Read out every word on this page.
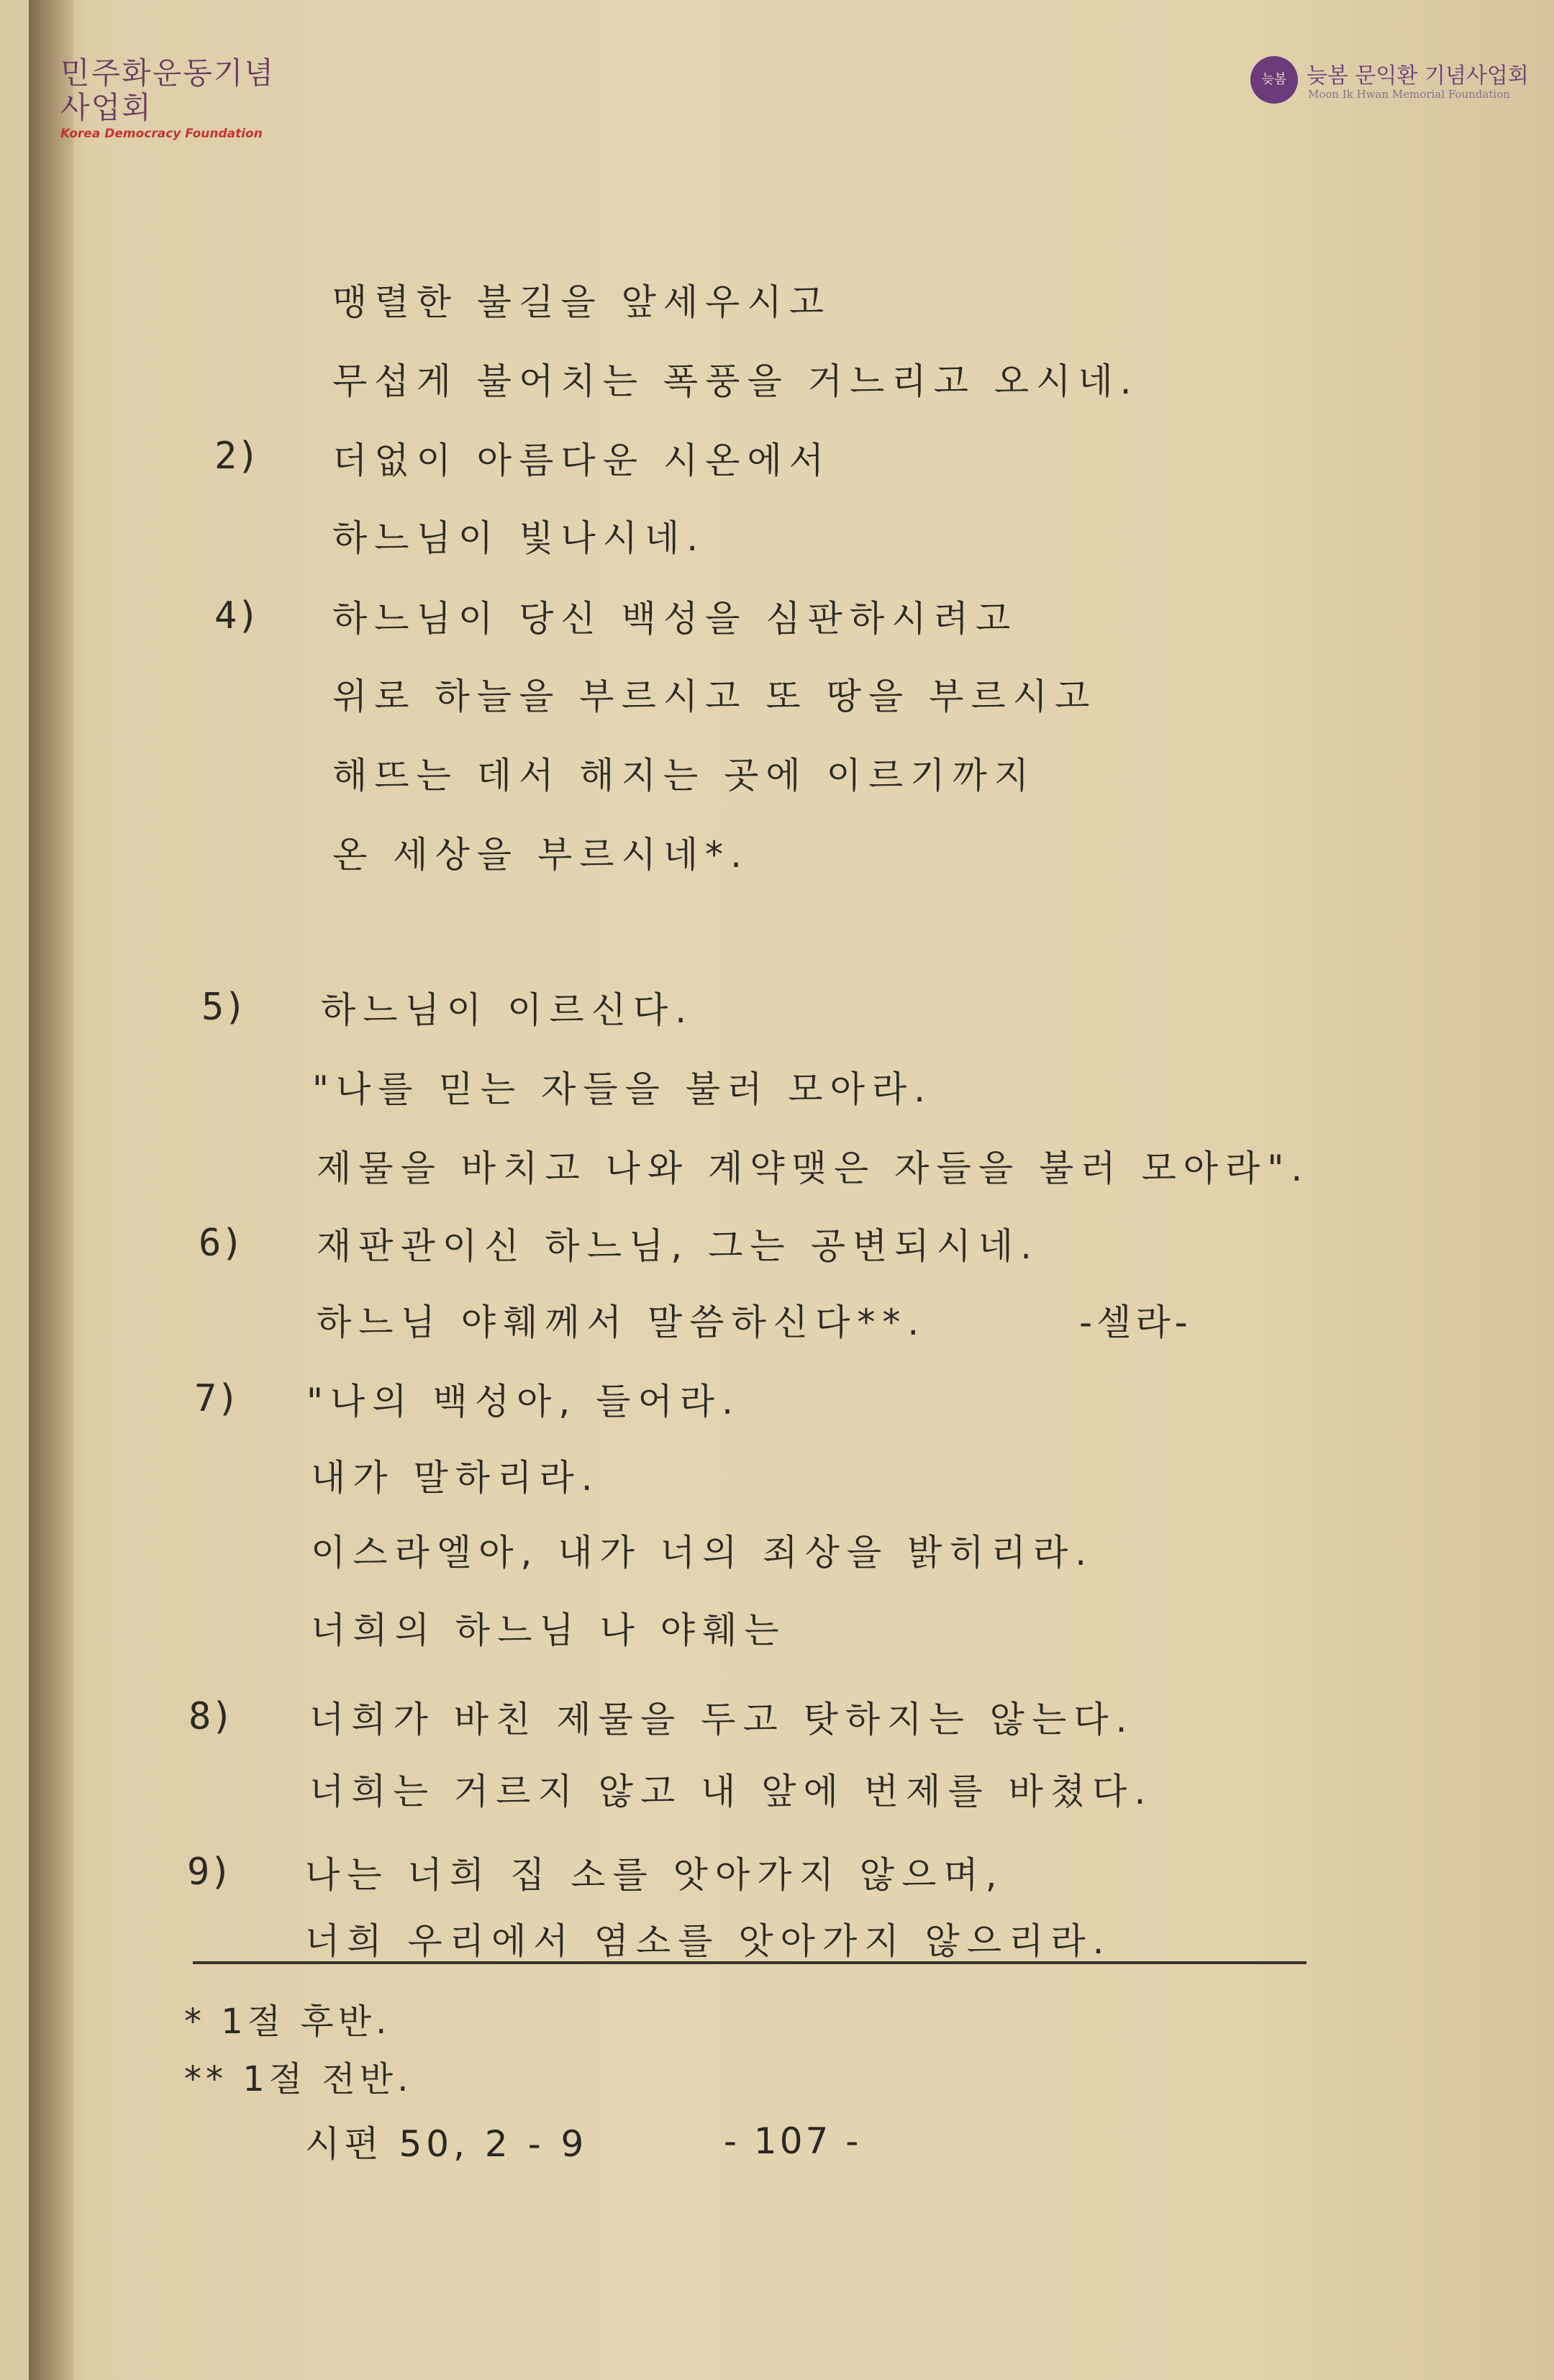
민주화운동기념사업회
Korea Democracy Foundation
늦봄 늦봄 문익환 기념사업회
Moon Ik Hwan Memorial Foundation
맹렬한 불길을 앞세우시고
무섭게 불어치는 폭풍을 거느리고 오시네.
2) 더없이 아름다운 시온에서
하느님이 빛나시네.
4) 하느님이 당신 백성을 심판하시려고
위로 하늘을 부르시고 또 땅을 부르시고
해뜨는 데서 해지는 곳에 이르기까지
온 세상을 부르시네*.
5) 하느님이 이르신다.
"나를 믿는 자들을 불러 모아라.
제물을 바치고 나와 계약맺은 자들을 불러 모아라".
6) 재판관이신 하느님, 그는 공변되시네.
하느님 야훼께서 말씀하신다**.	-셀라-
7) "나의 백성아, 들어라.
내가 말하리라.
이스라엘아, 내가 너의 죄상을 밝히리라.
너희의 하느님 나 야훼는
8) 너희가 바친 제물을 두고 탓하지는 않는다.
너희는 거르지 않고 내 앞에 번제를 바쳤다.
9) 나는 너희 집 소를 앗아가지 않으며,
너희 우리에서 염소를 앗아가지 않으리라.
* 1절 후반.
** 1절 전반.
시편 50, 2 - 9	- 107 -
